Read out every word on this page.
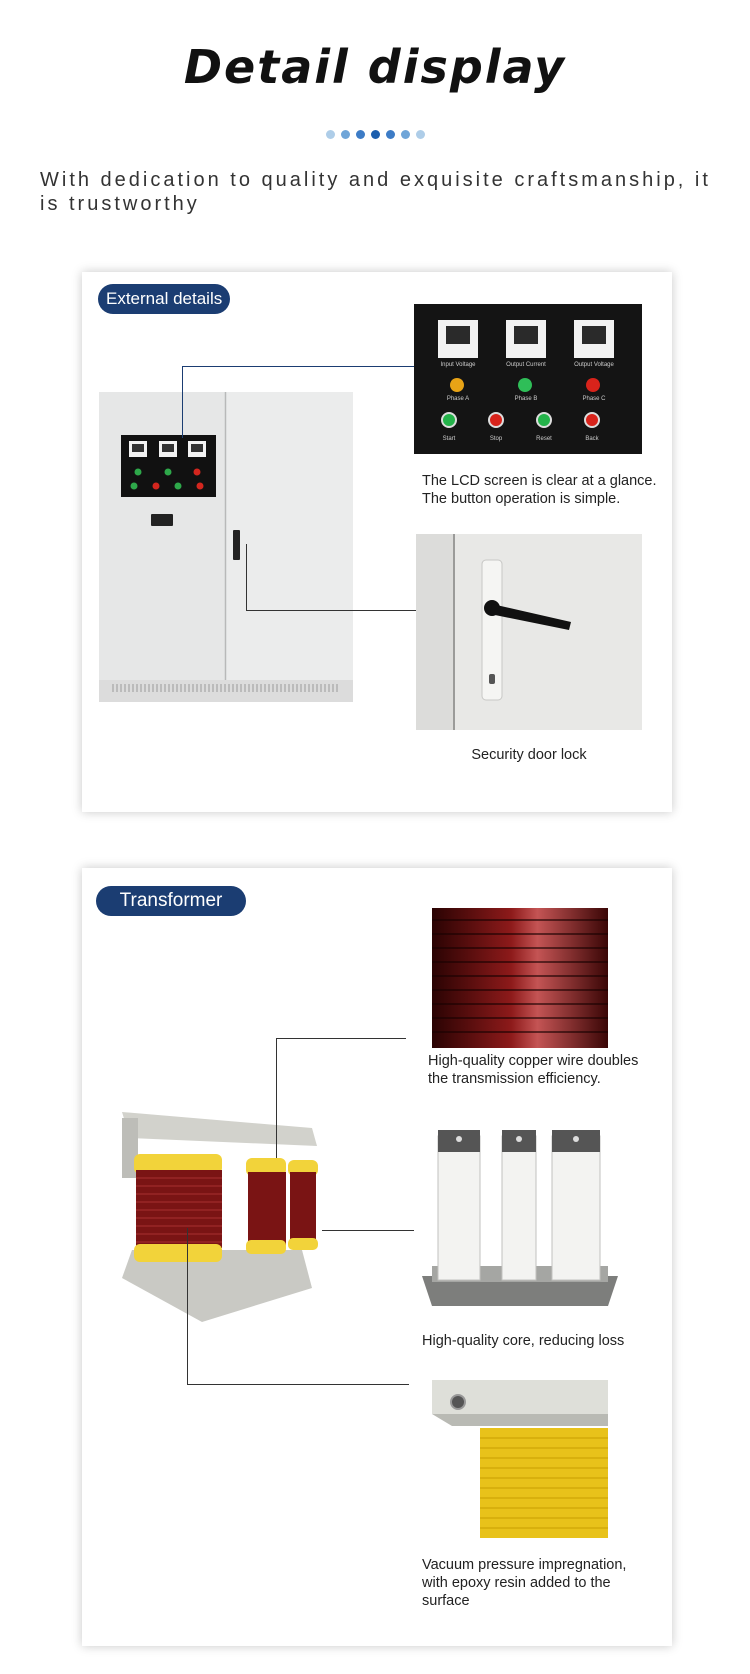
Detail display
With dedication to quality and exquisite craftsmanship, it is trustworthy
External details
Input Voltage	Output Current	Output Voltage
Phase A	Phase B	Phase C
Start	Stop	Reset	Back
The LCD screen is clear at a glance.
The button operation is simple.
Security door lock
Transformer
High-quality copper wire doubles
the transmission efficiency.
High-quality core, reducing loss
Vacuum pressure impregnation,
with epoxy resin added to the surface
